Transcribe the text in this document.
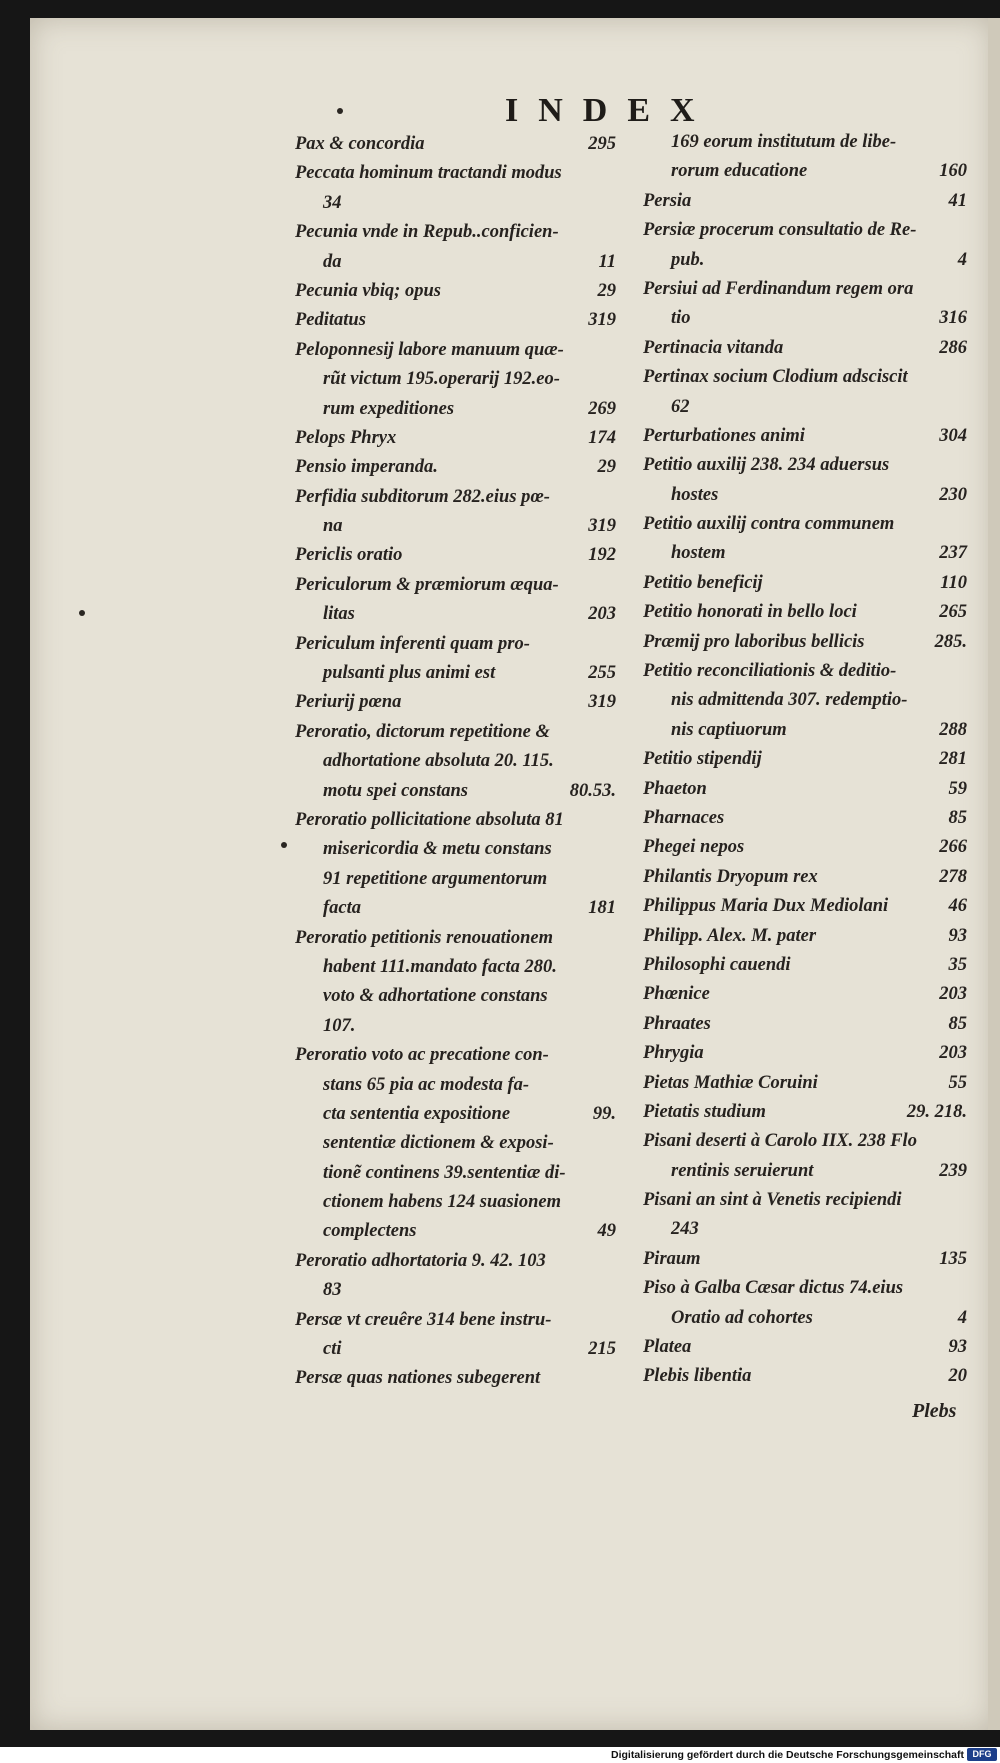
INDEX
Pax & concordia	295
Peccata hominum tractandi modus
34
Pecunia vnde in Repub..conficien-
da	11
Pecunia vbiq; opus	29
Peditatus	319
Peloponnesij labore manuum quæ-
rũt victum 195.operarij 192.eo-
rum expeditiones	269
Pelops Phryx	174
Pensio imperanda.	29
Perfidia subditorum 282.eius pœ-
na	319
Periclis oratio	192
Periculorum & præmiorum æqua-
litas	203
Periculum inferenti quam pro-
pulsanti plus animi est	255
Periurij pœna	319
Peroratio, dictorum repetitione &
adhortatione absoluta 20. 115.
motu spei constans	80.53.
Peroratio pollicitatione absoluta 81
misericordia & metu constans
91 repetitione argumentorum
facta	181
Peroratio petitionis renouationem
habent 111.mandato facta 280.
voto & adhortatione constans
107.
Peroratio voto ac precatione con-
stans 65 pia ac modesta fa-
cta sententia expositione	99.
sententiæ dictionem & exposi-
tionẽ continens 39.sententiæ di-
ctionem habens 124 suasionem
complectens	49
Peroratio adhortatoria 9. 42. 103
83
Persæ vt creuêre 314 bene instru-
cti	215
Persæ quas nationes subegerent
169 eorum institutum de libe-
rorum educatione	160
Persia	41
Persiæ procerum consultatio de Re-
pub.	4
Persiui ad Ferdinandum regem ora
tio	316
Pertinacia vitanda	286
Pertinax socium Clodium adsciscit
62
Perturbationes animi	304
Petitio auxilij 238. 234 aduersus
hostes	230
Petitio auxilij contra communem
hostem	237
Petitio beneficij	110
Petitio honorati in bello loci	265
Præmij pro laboribus bellicis	285.
Petitio reconciliationis & deditio-
nis admittenda 307. redemptio-
nis captiuorum	288
Petitio stipendij	281
Phaeton	59
Pharnaces	85
Phegei nepos	266
Philantis Dryopum rex	278
Philippus Maria Dux Mediolani	46
Philipp. Alex. M. pater	93
Philosophi cauendi	35
Phœnice	203
Phraates	85
Phrygia	203
Pietas Mathiæ Coruini	55
Pietatis studium	29. 218.
Pisani deserti à Carolo IIX. 238 Flo
rentinis seruierunt	239
Pisani an sint à Venetis recipiendi
243
Piraum	135
Piso à Galba Cæsar dictus 74.eius
Oratio ad cohortes	4
Platea	93
Plebis libentia	20
Plebs
Digitalisierung gefördert durch die Deutsche Forschungsgemeinschaft DFG
